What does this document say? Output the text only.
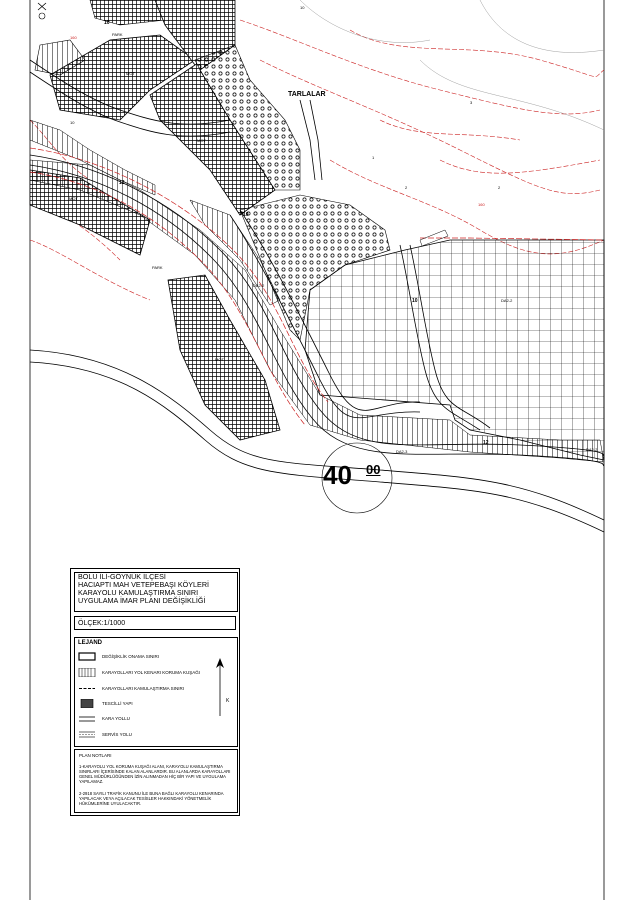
TARLALAR
MOT
MOT
MOT
MOT
PARK
PARK
12
10
12
10
10	DA2-2
DA2-2
DA2-3	DA2-2
10
10
3
1
2	2
160
160
40 00
BOLU İLİ-GÖYNÜK İLÇESİ
HACIAPTI MAH VETEPEBAŞI KÖYLERİ
KARAYOLU KAMULAŞTIRMA SINIRI
UYGULAMA İMAR PLANI DEĞİŞİKLİĞİ
ÖLÇEK:1/1000
LEJAND
DEĞİŞİKLİK ONAMA SINIRI
KARAYOLLARI YOL KENARI KORUMA KUŞAĞI
KARAYOLLARI KAMULAŞTIRMA SINIRI
TESCİLLİ YAPI
KARA YOLLU
SERVİS YOLU
K
PLAN NOTLARI
1-KARAYOLU YOL KORUMA KUŞAĞI ALANI, KARAYOLU KAMULAŞTIRMA SINIRLARI İÇERİSİNDE KALAN ALANLARDIR. BU ALANLARDA KARAYOLLARI GENEL MÜDÜRLÜĞÜNDEN İZİN ALINMADAN HİÇ BİR YAPI VE UYGULAMA YAPILAMAZ.
2-2918 SAYILI TRAFİK KANUNU İLE BUNA BAĞLI KARAYOLU KENARINDA YAPILACAK VEYA AÇILACAK TESİSLER HAKKINDAKİ YÖNETMELİK HÜKÜMLERİNE UYULACAKTIR.
